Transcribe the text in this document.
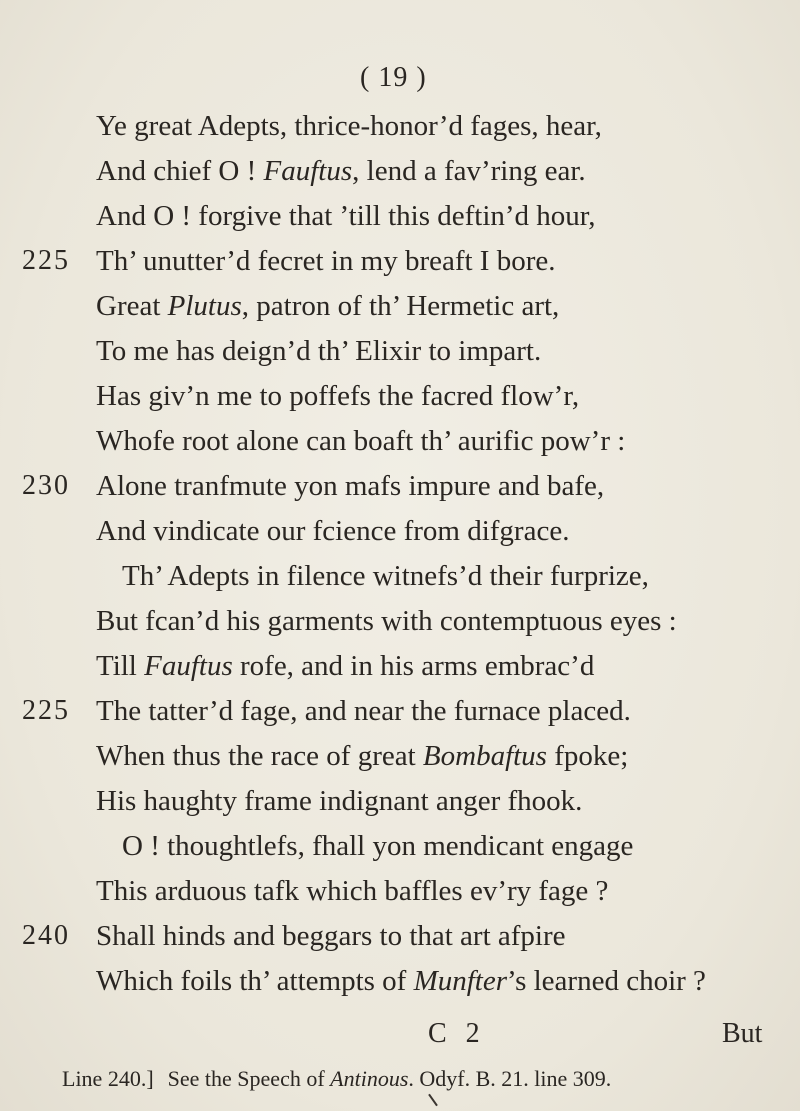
( 19 )
Ye great Adepts, thrice-honor’d fages, hear,
And chief O ! Fauftus, lend a fav’ring ear.
And O ! forgive that ’till this deftin’d hour,
225 Th’ unutter’d fecret in my breaft I bore.
Great Plutus, patron of th’ Hermetic art,
To me has deign’d th’ Elixir to impart.
Has giv’n me to poffefs the facred flow’r,
Whofe root alone can boaft th’ aurific pow’r :
230 Alone tranfmute yon mafs impure and bafe,
And vindicate our fcience from difgrace.
Th’ Adepts in filence witnefs’d their furprize,
But fcan’d his garments with contemptuous eyes :
Till Fauftus rofe, and in his arms embrac’d
225 The tatter’d fage, and near the furnace placed.
When thus the race of great Bombaftus fpoke;
His haughty frame indignant anger fhook.
O ! thoughtlefs, fhall yon mendicant engage
This arduous tafk which baffles ev’ry fage ?
240 Shall hinds and beggars to that art afpire
Which foils th’ attempts of Munfter’s learned choir ?
C 2	But
Line 240.] See the Speech of Antinous. Odyf. B. 21. line 309.
